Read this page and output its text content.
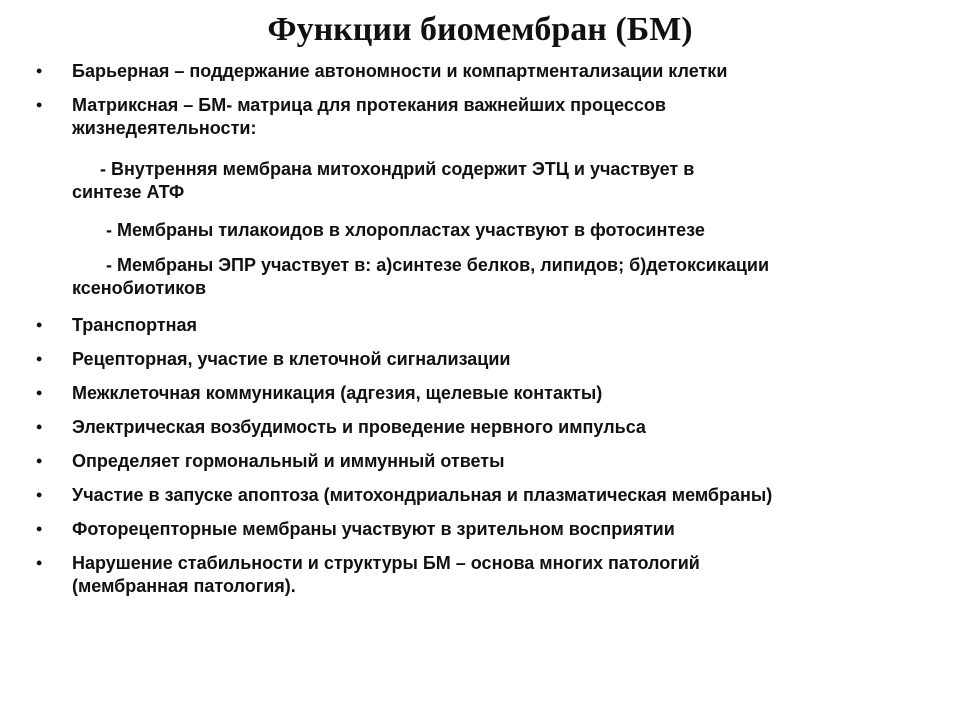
Функции биомембран (БМ)
• Барьерная – поддержание автономности и компартментализации клетки
• Матриксная – БМ- матрица для протекания важнейших процессов
жизнедеятельности:
- Внутренняя мембрана митохондрий содержит ЭТЦ и участвует в
синтезе АТФ
- Мембраны тилакоидов в хлоропластах участвуют в фотосинтезе
- Мембраны ЭПР участвует в: а)синтезе белков, липидов; б)детоксикации
ксенобиотиков
• Транспортная
• Рецепторная, участие в клеточной сигнализации
• Межклеточная коммуникация (адгезия, щелевые контакты)
• Электрическая возбудимость и проведение нервного импульса
• Определяет гормональный и иммунный ответы
• Участие в запуске апоптоза (митохондриальная и плазматическая мембраны)
• Фоторецепторные мембраны участвуют в зрительном восприятии
• Нарушение стабильности и структуры БМ – основа многих патологий
(мембранная патология).
